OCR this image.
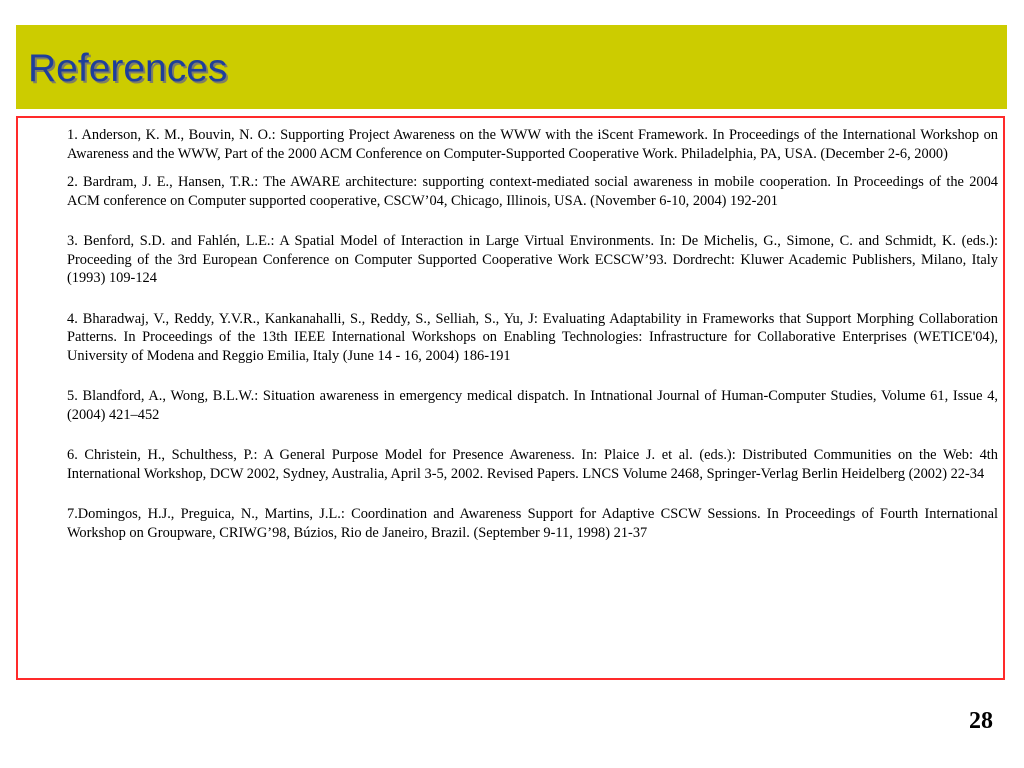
References
1. Anderson, K. M., Bouvin, N. O.: Supporting Project Awareness on the WWW with the iScent Framework. In Proceedings of the International Workshop on Awareness and the WWW, Part of the 2000 ACM Conference on Computer-Supported Cooperative Work. Philadelphia, PA, USA. (December 2-6, 2000)
2. Bardram, J. E., Hansen, T.R.: The AWARE architecture: supporting context-mediated social awareness in mobile cooperation. In Proceedings of the 2004 ACM conference on Computer supported cooperative, CSCW’04, Chicago, Illinois, USA. (November 6-10, 2004) 192-201
3. Benford, S.D. and Fahlén, L.E.: A Spatial Model of Interaction in Large Virtual Environments. In: De Michelis, G., Simone, C. and Schmidt, K. (eds.): Proceeding of the 3rd European Conference on Computer Supported Cooperative Work ECSCW’93. Dordrecht: Kluwer Academic Publishers, Milano, Italy (1993) 109-124
4. Bharadwaj, V., Reddy, Y.V.R., Kankanahalli, S., Reddy, S., Selliah, S., Yu, J: Evaluating Adaptability in Frameworks that Support Morphing Collaboration Patterns. In Proceedings of the 13th IEEE International Workshops on Enabling Technologies: Infrastructure for Collaborative Enterprises (WETICE'04), University of Modena and Reggio Emilia, Italy (June 14 - 16, 2004) 186-191
5. Blandford, A., Wong, B.L.W.: Situation awareness in emergency medical dispatch. In Intnational Journal of Human-Computer Studies, Volume 61, Issue 4, (2004) 421–452
6. Christein, H., Schulthess, P.: A General Purpose Model for Presence Awareness. In: Plaice J. et al. (eds.): Distributed Communities on the Web: 4th International Workshop, DCW 2002, Sydney, Australia, April 3-5, 2002. Revised Papers. LNCS Volume 2468, Springer-Verlag Berlin Heidelberg (2002) 22-34
7.Domingos, H.J., Preguica, N., Martins, J.L.: Coordination and Awareness Support for Adaptive CSCW Sessions. In Proceedings of Fourth International Workshop on Groupware, CRIWG’98, Búzios, Rio de Janeiro, Brazil. (September 9-11, 1998) 21-37
28
